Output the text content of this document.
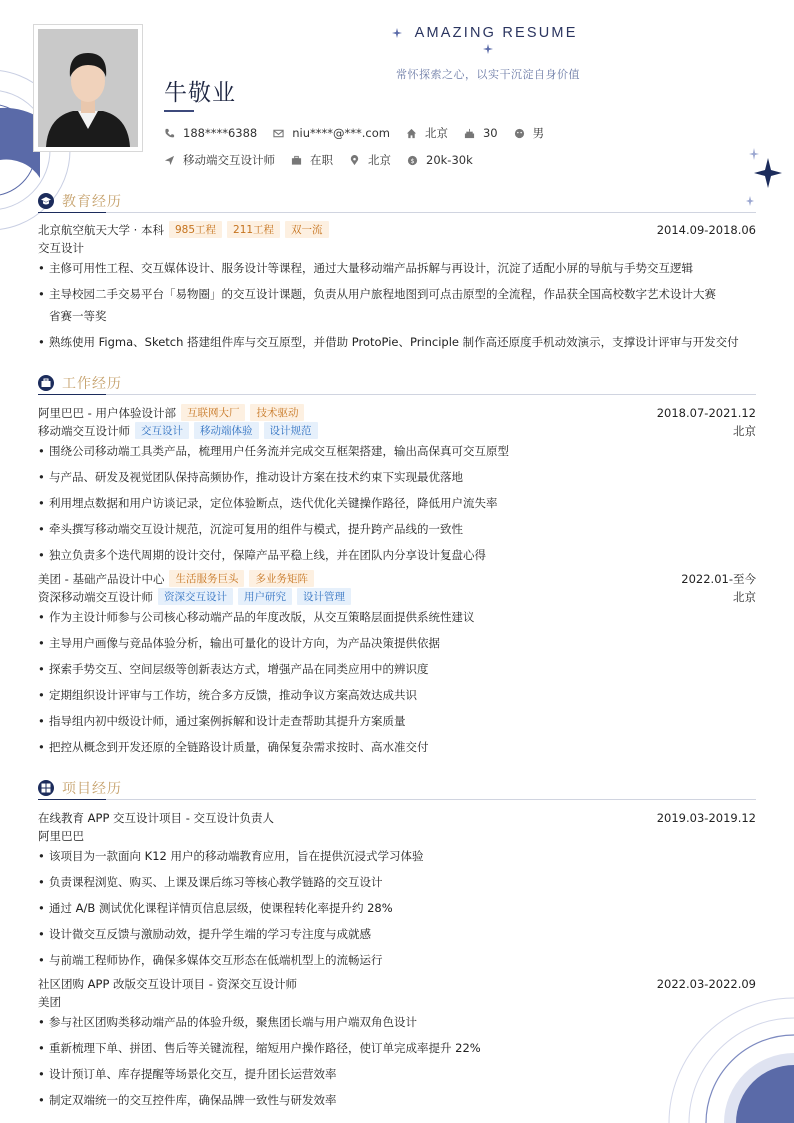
AMAZING RESUME
常怀探索之心，以实干沉淀自身价值
牛敬业
188****6388	niu****@***.com	北京	30	男
移动端交互设计师	在职	北京	$ 20k-30k
教育经历
北京航空航天大学 · 本科	985工程	211工程	双一流	2014.09-2018.06
交互设计
• 主修可用性工程、交互媒体设计、服务设计等课程，通过大量移动端产品拆解与再设计，沉淀了适配小屏的导航与手势交互逻辑
• 主导校园二手交易平台「易物圈」的交互设计课题，负责从用户旅程地图到可点击原型的全流程，作品获全国高校数字艺术设计大赛
省赛一等奖
• 熟练使用 Figma、Sketch 搭建组件库与交互原型，并借助 ProtoPie、Principle 制作高还原度手机动效演示，支撑设计评审与开发交付
工作经历
阿里巴巴 - 用户体验设计部	互联网大厂	技术驱动	2018.07-2021.12
移动端交互设计师	交互设计	移动端体验	设计规范	北京
• 围绕公司移动端工具类产品，梳理用户任务流并完成交互框架搭建，输出高保真可交互原型
• 与产品、研发及视觉团队保持高频协作，推动设计方案在技术约束下实现最优落地
• 利用埋点数据和用户访谈记录，定位体验断点，迭代优化关键操作路径，降低用户流失率
• 牵头撰写移动端交互设计规范，沉淀可复用的组件与模式，提升跨产品线的一致性
• 独立负责多个迭代周期的设计交付，保障产品平稳上线，并在团队内分享设计复盘心得
美团 - 基础产品设计中心	生活服务巨头	多业务矩阵	2022.01-至今
资深移动端交互设计师	资深交互设计	用户研究	设计管理	北京
• 作为主设计师参与公司核心移动端产品的年度改版，从交互策略层面提供系统性建议
• 主导用户画像与竞品体验分析，输出可量化的设计方向，为产品决策提供依据
• 探索手势交互、空间层级等创新表达方式，增强产品在同类应用中的辨识度
• 定期组织设计评审与工作坊，统合多方反馈，推动争议方案高效达成共识
• 指导组内初中级设计师，通过案例拆解和设计走查帮助其提升方案质量
• 把控从概念到开发还原的全链路设计质量，确保复杂需求按时、高水准交付
项目经历
在线教育 APP 交互设计项目 - 交互设计负责人	2019.03-2019.12
阿里巴巴
• 该项目为一款面向 K12 用户的移动端教育应用，旨在提供沉浸式学习体验
• 负责课程浏览、购买、上课及课后练习等核心教学链路的交互设计
• 通过 A/B 测试优化课程详情页信息层级，使课程转化率提升约 28%
• 设计微交互反馈与激励动效，提升学生端的学习专注度与成就感
• 与前端工程师协作，确保多媒体交互形态在低端机型上的流畅运行
社区团购 APP 改版交互设计项目 - 资深交互设计师	2022.03-2022.09
美团
• 参与社区团购类移动端产品的体验升级，聚焦团长端与用户端双角色设计
• 重新梳理下单、拼团、售后等关键流程，缩短用户操作路径，使订单完成率提升 22%
• 设计预订单、库存提醒等场景化交互，提升团长运营效率
• 制定双端统一的交互控件库，确保品牌一致性与研发效率
